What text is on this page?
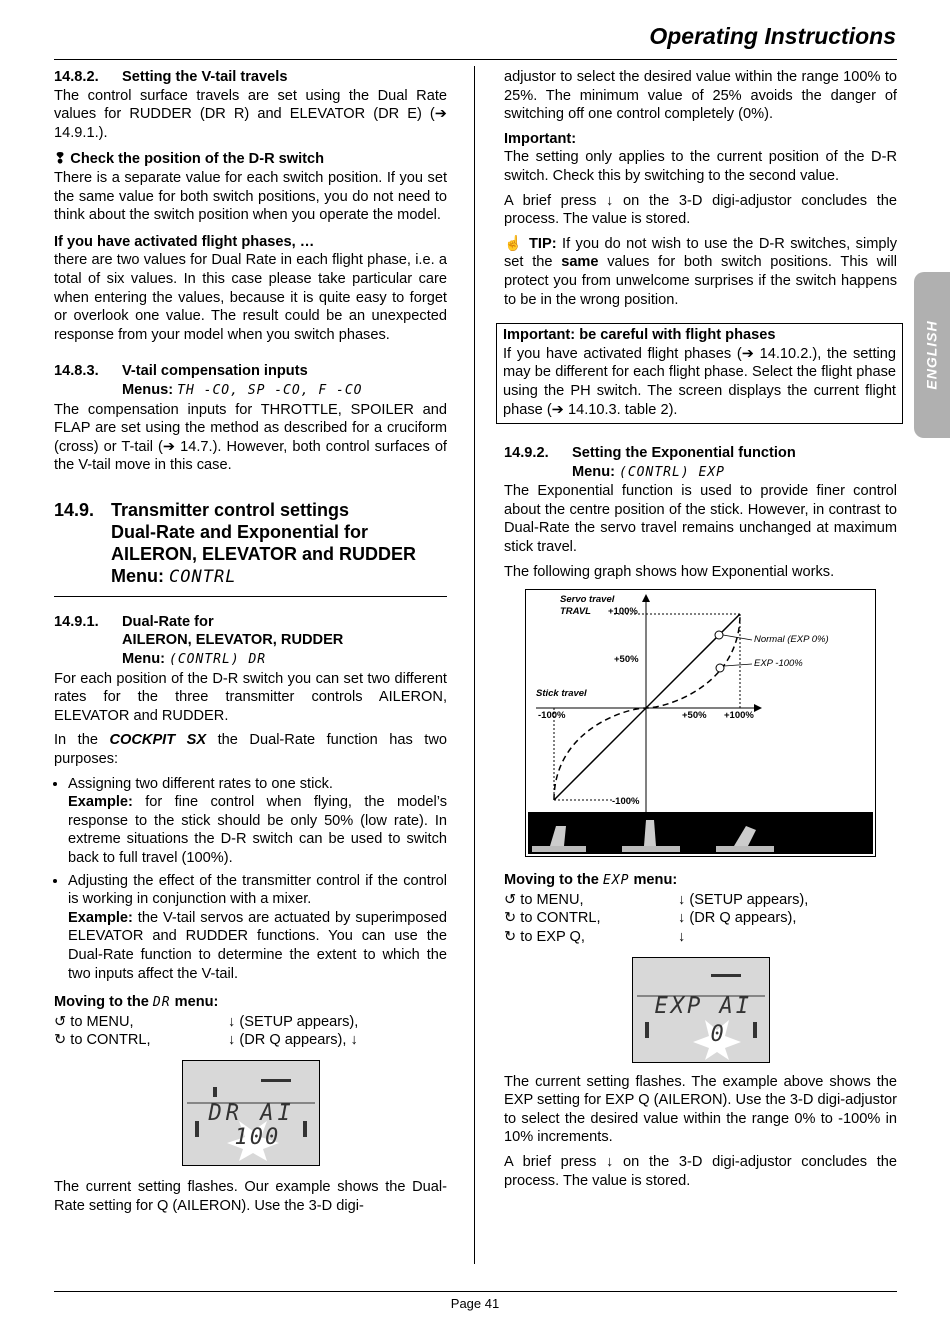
Operating Instructions
ENGLISH
14.8.2. Setting the V-tail travels

The control surface travels are set using the Dual Rate values for RUDDER (DR R) and ELEVATOR (DR E) (➔ 14.9.1.).

❢ Check the position of the D-R switch

There is a separate value for each switch position. If you set the same value for both switch positions, you do not need to think about the switch position when you operate the model.

If you have activated flight phases, …

there are two values for Dual Rate in each flight phase, i.e. a total of six values. In this case please take particular care when entering the values, because it is quite easy to forget or overlook one value. The result could be an unexpected response from your model when you switch phases.

14.8.3. V-tail compensation inputs
Menus: TH -CO, SP -CO, F -CO

The compensation inputs for THROTTLE, SPOILER and FLAP are set using the method as described for a cruciform (cross) or T-tail (➔ 14.7.). However, both control surfaces of the V-tail move in this case.

14.9. Transmitter control settings
Dual-Rate and Exponential for
AILERON, ELEVATOR and RUDDER
Menu: CONTRL
14.9.1. Dual-Rate for
AILERON, ELEVATOR, RUDDER
Menu: (CONTRL) DR

For each position of the D-R switch you can set two different rates for the three transmitter controls AILERON, ELEVATOR and RUDDER.

In the COCKPIT SX the Dual-Rate function has two purposes:

• Assigning two different rates to one stick.
Example: for fine control when flying, the model’s response to the stick should be only 50% (low rate). In extreme situations the D-R switch can be used to switch back to full travel (100%).
• Adjusting the effect of the transmitter control if the control is working in conjunction with a mixer.
Example: the V-tail servos are actuated by superimposed ELEVATOR and RUDDER functions. You can use the Dual-Rate function to determine the extent to which the two inputs affect the V-tail.
Moving to the DR menu:
↺ to MENU,	↓ (SETUP appears),
↻ to CONTRL,	↓ (DR Q appears), ↓
DR AI
100

The current setting flashes. Our example shows the Dual-Rate setting for Q (AILERON). Use the 3-D digi-

adjustor to select the desired value within the range 100% to 25%. The minimum value of 25% avoids the danger of switching off one control completely (0%).

Important:

The setting only applies to the current position of the D-R switch. Check this by switching to the second value.

A brief press ↓ on the 3-D digi-adjustor concludes the process. The value is stored.

☝ TIP: If you do not wish to use the D-R switches, simply set the same values for both switch positions. This will protect you from unwelcome surprises if the switch happens to be in the wrong position.

Important: be careful with flight phases

If you have activated flight phases (➔ 14.10.2.), the setting may be different for each flight phase. Select the flight phase using the PH switch. The screen displays the current flight phase (➔ 14.10.3. table 2).

14.9.2. Setting the Exponential function
Menu: (CONTRL) EXP

The Exponential function is used to provide finer control about the centre position of the stick. However, in contrast to Dual-Rate the servo travel remains unchanged at maximum stick travel.

The following graph shows how Exponential works.

Servo travel
TRAVL +100%
+50%
-100%
Stick travel
-100%	+50% +100%
Normal (EXP 0%)
EXP -100%
Moving to the EXP menu:
↺ to MENU,	↓ (SETUP appears),
↻ to CONTRL,	↓ (DR Q appears),
↻ to EXP Q,	↓
EXP AI
0

The current setting flashes. The example above shows the EXP setting for EXP Q (AILERON). Use the 3-D digi-adjustor to select the desired value within the range 0% to -100% in 10% increments.

A brief press ↓ on the 3-D digi-adjustor concludes the process. The value is stored.

Page 41
